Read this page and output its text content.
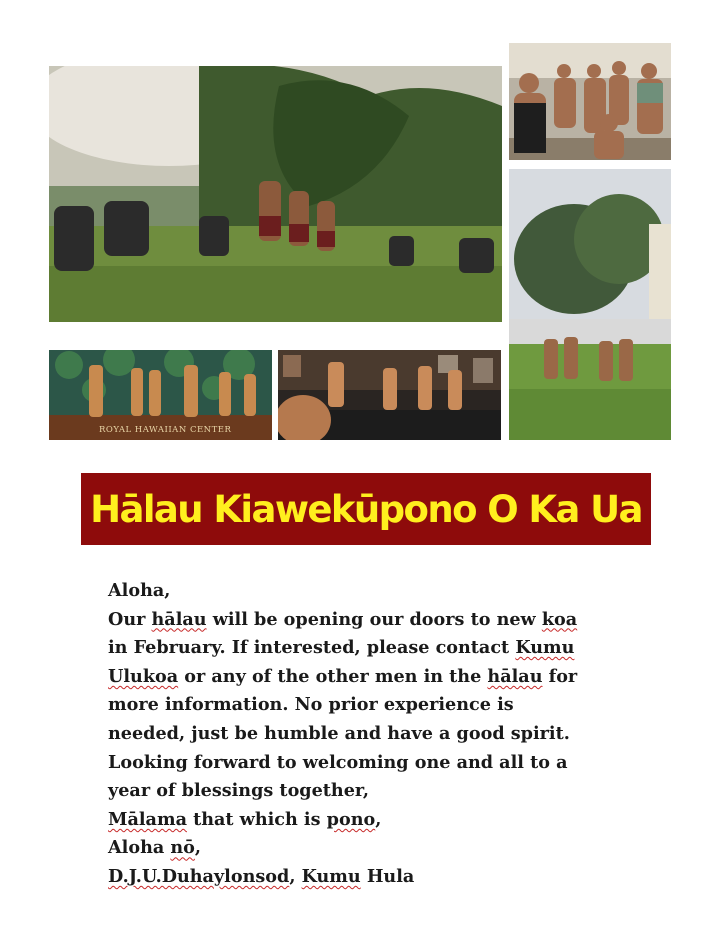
ROYAL HAWAIIAN CENTER
Hālau Kiawekūpono O Ka Ua
Aloha,
Our hālau will be opening our doors to new koa
in February. If interested, please contact Kumu
Ulukoa or any of the other men in the hālau for
more information. No prior experience is
needed, just be humble and have a good spirit.
Looking forward to welcoming one and all to a
year of blessings together,
Mālama that which is pono,
Aloha nō,
D.J.U.Duhaylonsod, Kumu Hula
